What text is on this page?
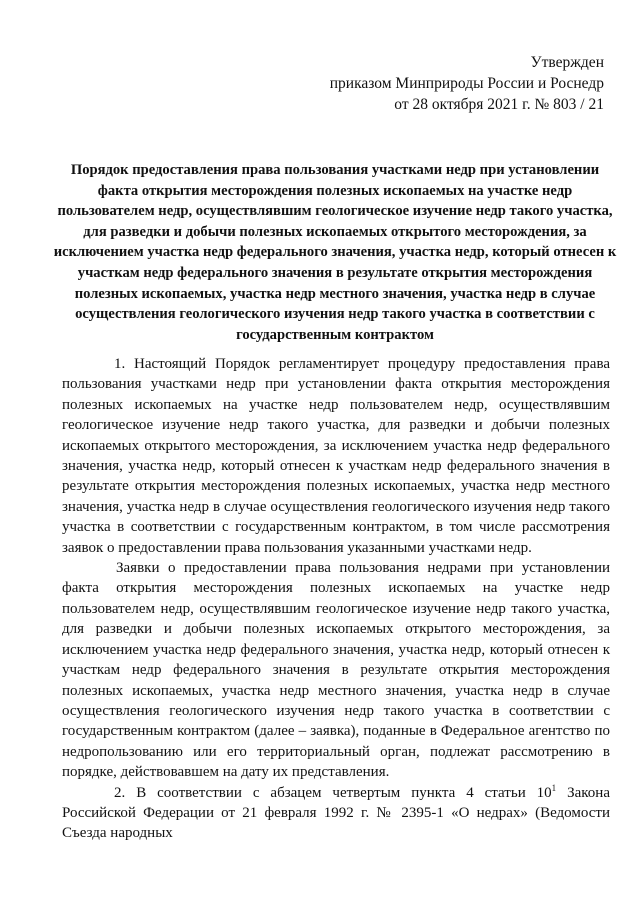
Утвержден
приказом Минприроды России и Роснедр
от 28 октября 2021 г. № 803 / 21
Порядок предоставления права пользования участками недр при установлении факта открытия месторождения полезных ископаемых на участке недр пользователем недр, осуществлявшим геологическое изучение недр такого участка, для разведки и добычи полезных ископаемых открытого месторождения, за исключением участка недр федерального значения, участка недр, который отнесен к участкам недр федерального значения в результате открытия месторождения полезных ископаемых, участка недр местного значения, участка недр в случае осуществления геологического изучения недр такого участка в соответствии с государственным контрактом

1. Настоящий Порядок регламентирует процедуру предоставления права пользования участками недр при установлении факта открытия месторождения полезных ископаемых на участке недр пользователем недр, осуществлявшим геологическое изучение недр такого участка, для разведки и добычи полезных ископаемых открытого месторождения, за исключением участка недр федерального значения, участка недр, который отнесен к участкам недр федерального значения в результате открытия месторождения полезных ископаемых, участка недр местного значения, участка недр в случае осуществления геологического изучения недр такого участка в соответствии с государственным контрактом, в том числе рассмотрения заявок о предоставлении права пользования указанными участками недр.

Заявки о предоставлении права пользования недрами при установлении факта открытия месторождения полезных ископаемых на участке недр пользователем недр, осуществлявшим геологическое изучение недр такого участка, для разведки и добычи полезных ископаемых открытого месторождения, за исключением участка недр федерального значения, участка недр, который отнесен к участкам недр федерального значения в результате открытия месторождения полезных ископаемых, участка недр местного значения, участка недр в случае осуществления геологического изучения недр такого участка в соответствии с государственным контрактом (далее – заявка), поданные в Федеральное агентство по недропользованию или его территориальный орган, подлежат рассмотрению в порядке, действовавшем на дату их представления.

2. В соответствии с абзацем четвертым пункта 4 статьи $10^1$ Закона Российской Федерации от 21 февраля 1992 г. № 2395-1 «О недрах» (Ведомости Съезда народных
